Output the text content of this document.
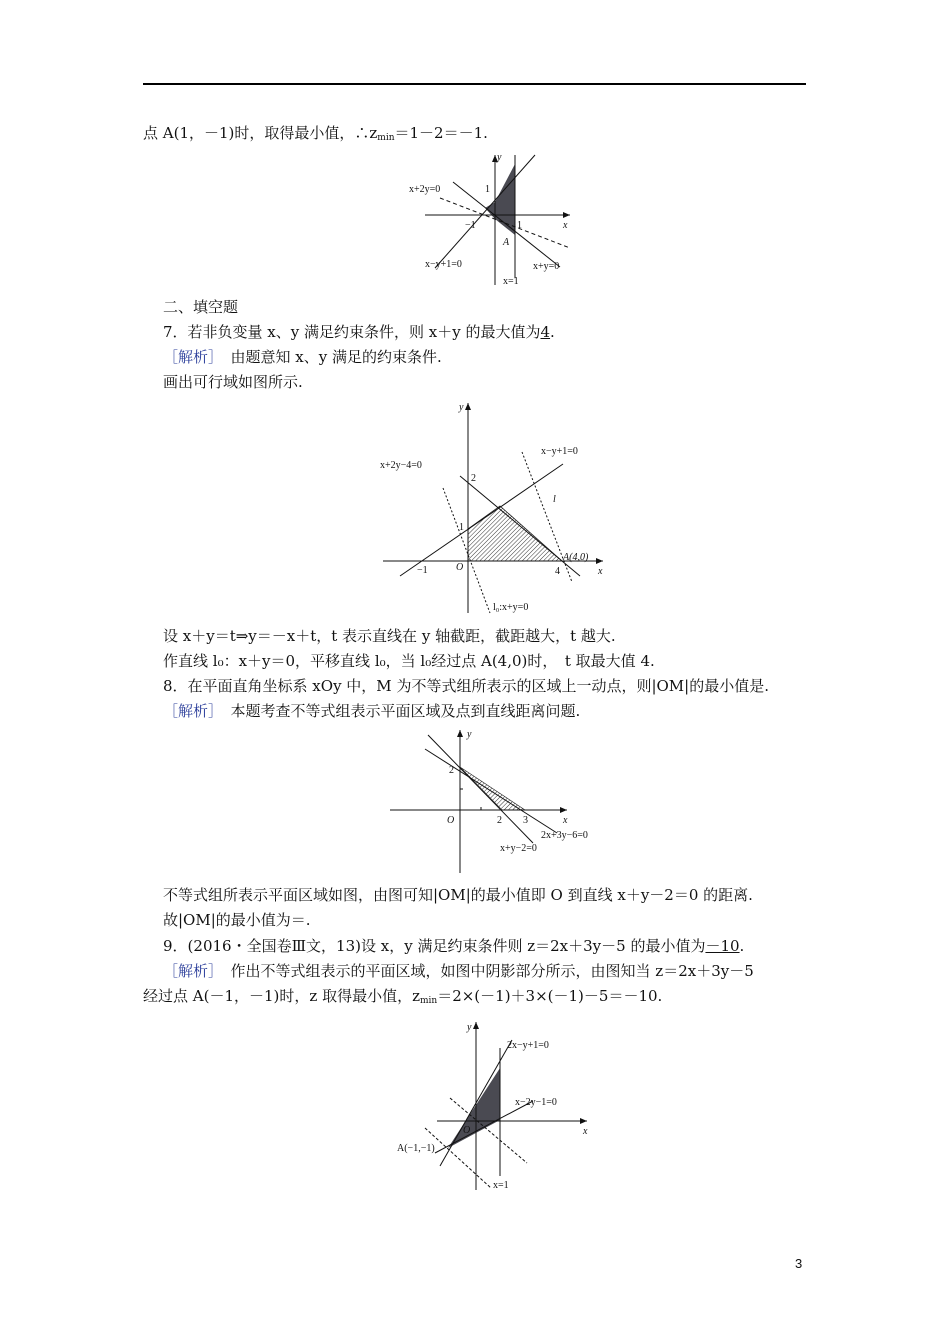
点 A(1，－1)时，取得最小值，$\therefore z_{min}=1-2=-1$.
y
x
1
−1	1
A
x+2y=0
x−y+1=0	x+y=0
x=1
二、填空题
7．若非负变量 x、y 满足约束条件，则 x＋y 的最大值为4.
［解析］　由题意知 x、y 满足的约束条件.
画出可行域如图所示.
y
x
2
1
−1	O	4
A(4,0)
x+2y−4=0
x−y+1=0
l
l₀:x+y=0
设 x＋y＝t⇒y＝－x＋t，t 表示直线在 y 轴截距，截距越大，t 越大.
作直线 l₀：x＋y＝0，平移直线 l₀，当 l₀经过点 A(4,0)时，　t 取最大值 4.
8．在平面直角坐标系 xOy 中，M 为不等式组所表示的区域上一动点，则|OM|的最小值是.
［解析］　本题考查不等式组表示平面区域及点到直线距离问题.
y
x
2
O	2 3
2x+3y−6=0
x+y−2=0
不等式组所表示平面区域如图，由图可知|OM|的最小值即 O 到直线 x＋y－2＝0 的距离.
故|OM|的最小值为＝.
9．(2016・全国卷Ⅲ文，13)设 x，y 满足约束条件则 z＝2x＋3y－5 的最小值为－10.
［解析］　作出不等式组表示的平面区域，如图中阴影部分所示，由图知当 z＝2x＋3y－5
经过点 A(－1，－1)时，z 取得最小值，$z_{min}=2\times(-1)+3\times(-1)-5=-10$.
y
x
O
A(−1,−1)
2x−y+1=0
x−2y−1=0
x=1
3
